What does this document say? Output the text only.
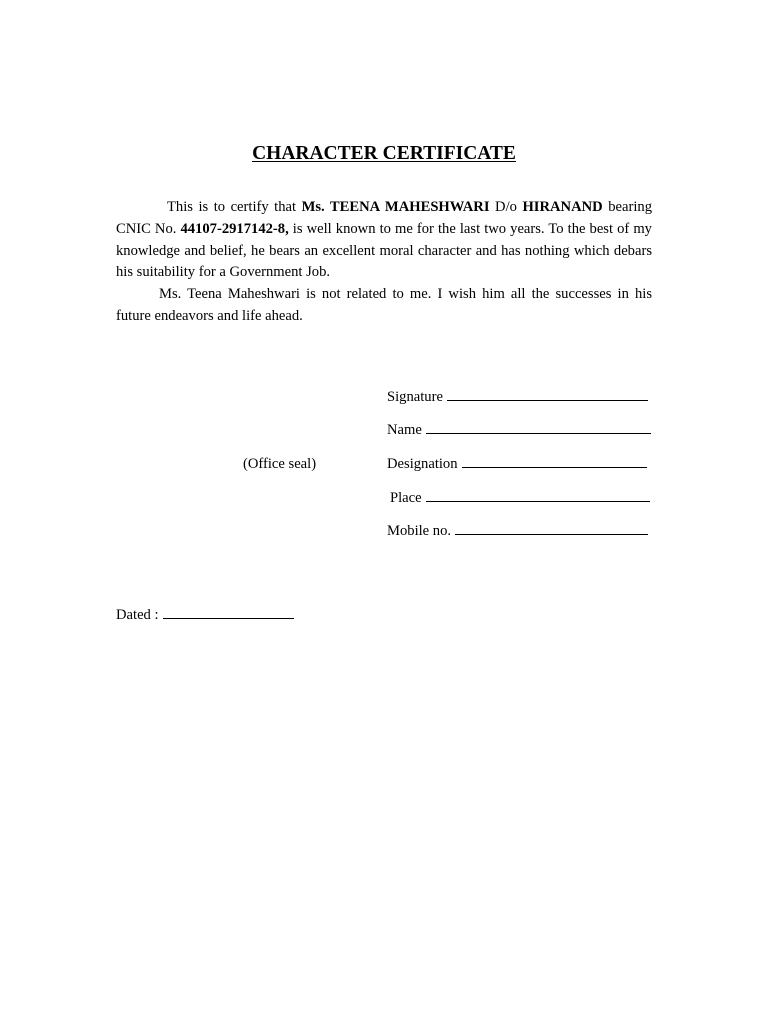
CHARACTER CERTIFICATE

This is to certify that Ms. TEENA MAHESHWARI D/o HIRANAND bearing CNIC No. 44107-2917142-8, is well known to me for the last two years. To the best of my knowledge and belief, he bears an excellent moral character and has nothing which debars his suitability for a Government Job.

Ms. Teena Maheshwari is not related to me. I wish him all the successes in his future endeavors and life ahead.

Signature
Name
(Office seal)	Designation
Place
Mobile no.
Dated :
